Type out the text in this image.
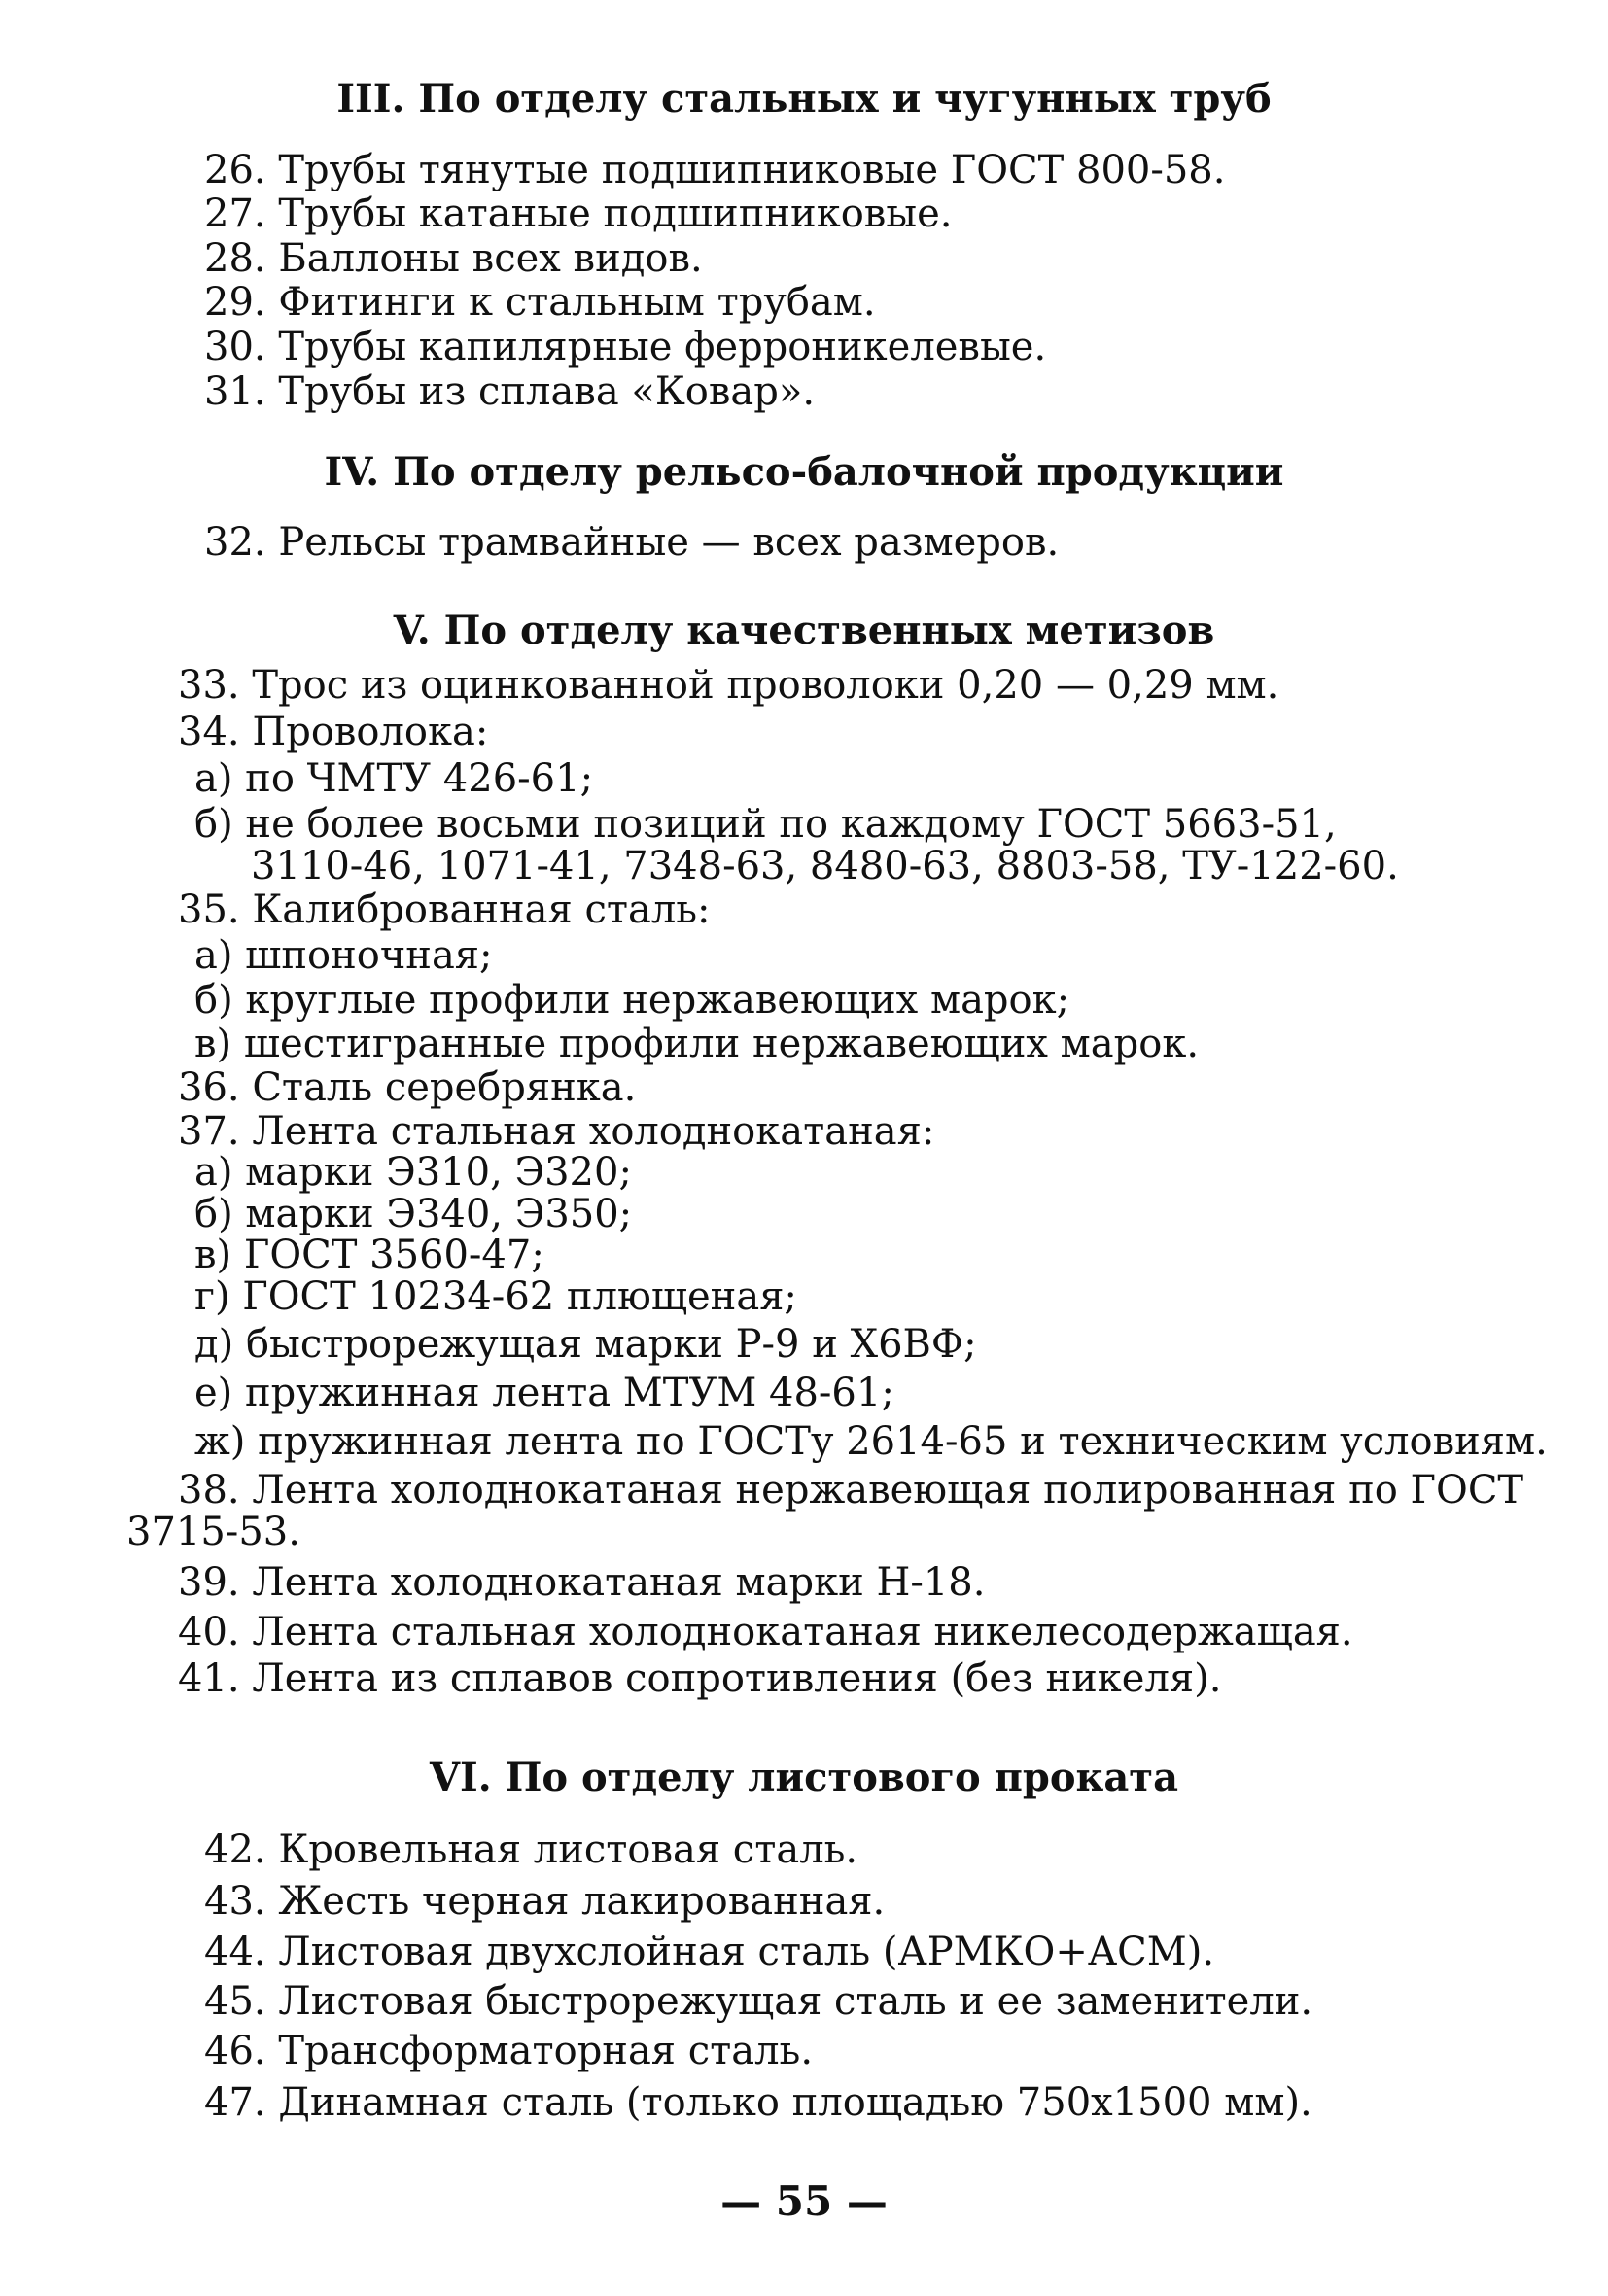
III. По отделу стальных и чугунных труб
26. Трубы тянутые подшипниковые ГОСТ 800-58.
27. Трубы катаные подшипниковые.
28. Баллоны всех видов.
29. Фитинги к стальным трубам.
30. Трубы капилярные ферроникелевые.
31. Трубы из сплава «Ковар».
IV. По отделу рельсо-балочной продукции
32. Рельсы трамвайные — всех размеров.
V. По отделу качественных метизов
33. Трос из оцинкованной проволоки 0,20 — 0,29 мм.
34. Проволока:
а) по ЧМТУ 426-61;
б) не более восьми позиций по каждому ГОСТ 5663-51,
3110-46, 1071-41, 7348-63, 8480-63, 8803-58, ТУ-122-60.
35. Калиброванная сталь:
а) шпоночная;
б) круглые профили нержавеющих марок;
в) шестигранные профили нержавеющих марок.
36. Сталь серебрянка.
37. Лента стальная холоднокатаная:
а) марки Э310, Э320;
б) марки Э340, Э350;
в) ГОСТ 3560-47;
г) ГОСТ 10234-62 плющеная;
д) быстрорежущая марки Р-9 и Х6ВФ;
е) пружинная лента МТУМ 48-61;
ж) пружинная лента по ГОСТу 2614-65 и техническим условиям.
38. Лента холоднокатаная нержавеющая полированная по ГОСТ
3715-53.
39. Лента холоднокатаная марки Н-18.
40. Лента стальная холоднокатаная никелесодержащая.
41. Лента из сплавов сопротивления (без никеля).
VI. По отделу листового проката
42. Кровельная листовая сталь.
43. Жесть черная лакированная.
44. Листовая двухслойная сталь (АРМКО+АСМ).
45. Листовая быстрорежущая сталь и ее заменители.
46. Трансформаторная сталь.
47. Динамная сталь (только площадью 750х1500 мм).
— 55 —
